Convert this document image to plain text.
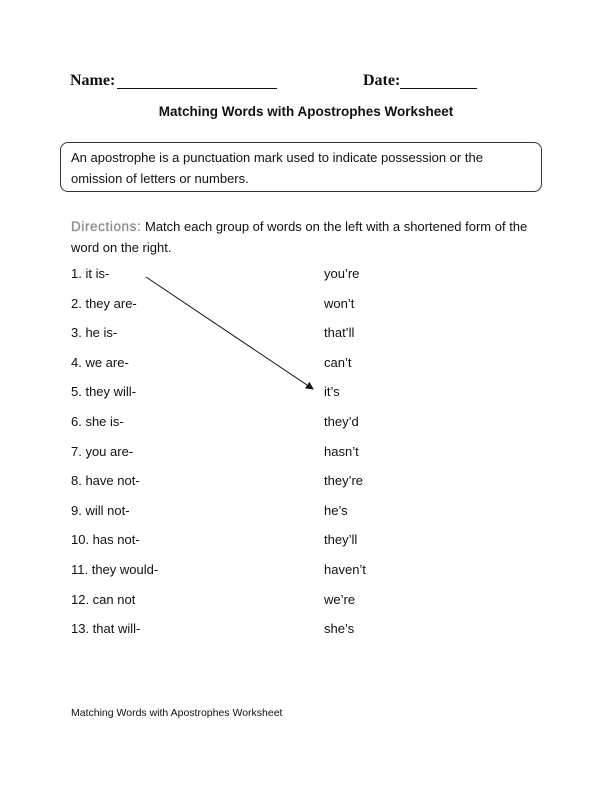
Name:	Date:
Matching Words with Apostrophes Worksheet
An apostrophe is a punctuation mark used to indicate possession or the omission of letters or numbers.
Directions: Match each group of words on the left with a shortened form of the word on the right.
1. it is-
2. they are-
3. he is-
4. we are-
5. they will-
6. she is-
7. you are-
8. have not-
9. will not-
10. has not-
11. they would-
12. can not
13. that will-
you’re
won’t
that’ll
can’t
it’s
they’d
hasn’t
they’re
he’s
they’ll
haven’t
we’re
she’s
Matching Words with Apostrophes Worksheet
